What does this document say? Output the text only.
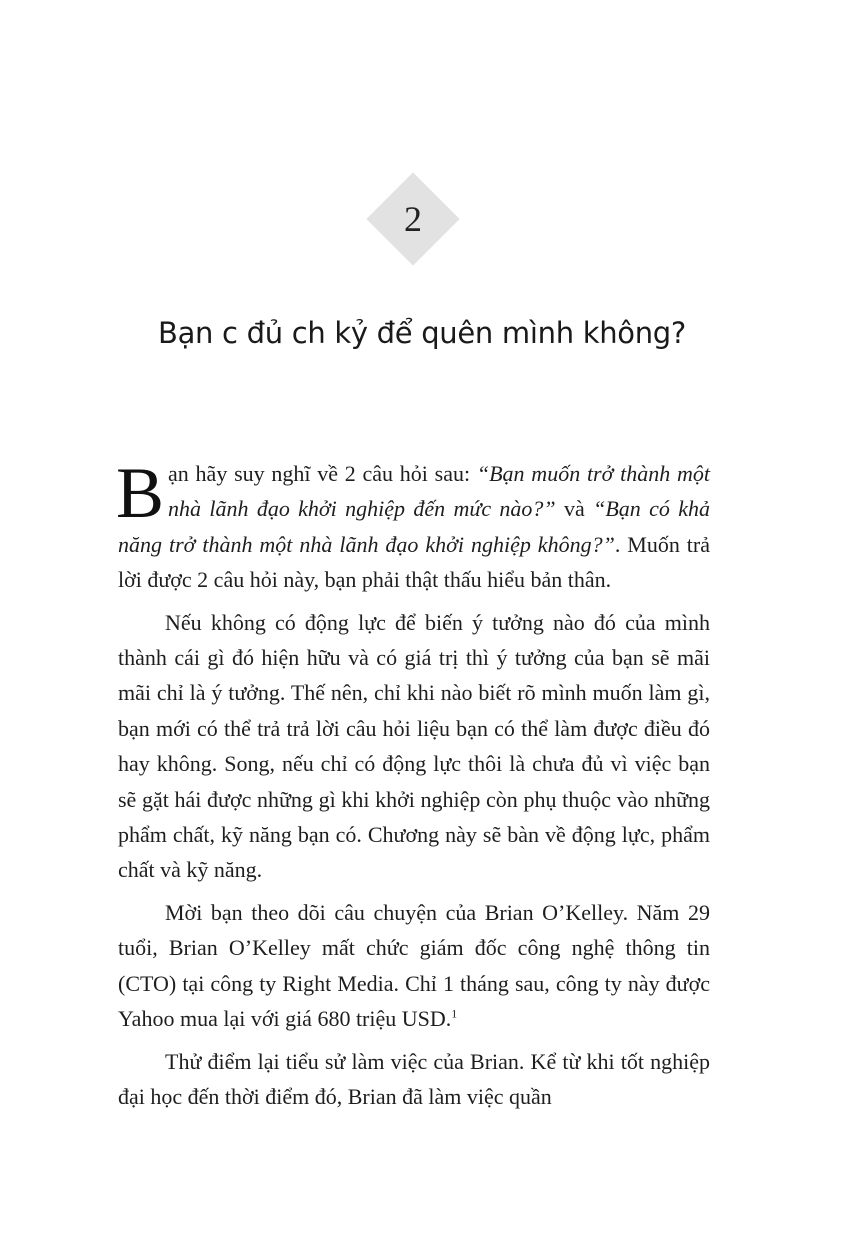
2
Bạn c đủ ch kỷ để quên mình không?

Bạn hãy suy nghĩ về 2 câu hỏi sau: “Bạn muốn trở thành một nhà lãnh đạo khởi nghiệp đến mức nào?” và “Bạn có khả năng trở thành một nhà lãnh đạo khởi nghiệp không?”. Muốn trả lời được 2 câu hỏi này, bạn phải thật thấu hiểu bản thân.

Nếu không có động lực để biến ý tưởng nào đó của mình thành cái gì đó hiện hữu và có giá trị thì ý tưởng của bạn sẽ mãi mãi chỉ là ý tưởng. Thế nên, chỉ khi nào biết rõ mình muốn làm gì, bạn mới có thể trả trả lời câu hỏi liệu bạn có thể làm được điều đó hay không. Song, nếu chỉ có động lực thôi là chưa đủ vì việc bạn sẽ gặt hái được những gì khi khởi nghiệp còn phụ thuộc vào những phẩm chất, kỹ năng bạn có. Chương này sẽ bàn về động lực, phẩm chất và kỹ năng.

Mời bạn theo dõi câu chuyện của Brian O’Kelley. Năm 29 tuổi, Brian O’Kelley mất chức giám đốc công nghệ thông tin (CTO) tại công ty Right Media. Chỉ 1 tháng sau, công ty này được Yahoo mua lại với giá 680 triệu USD.$^1$

Thử điểm lại tiểu sử làm việc của Brian. Kể từ khi tốt nghiệp đại học đến thời điểm đó, Brian đã làm việc quần
